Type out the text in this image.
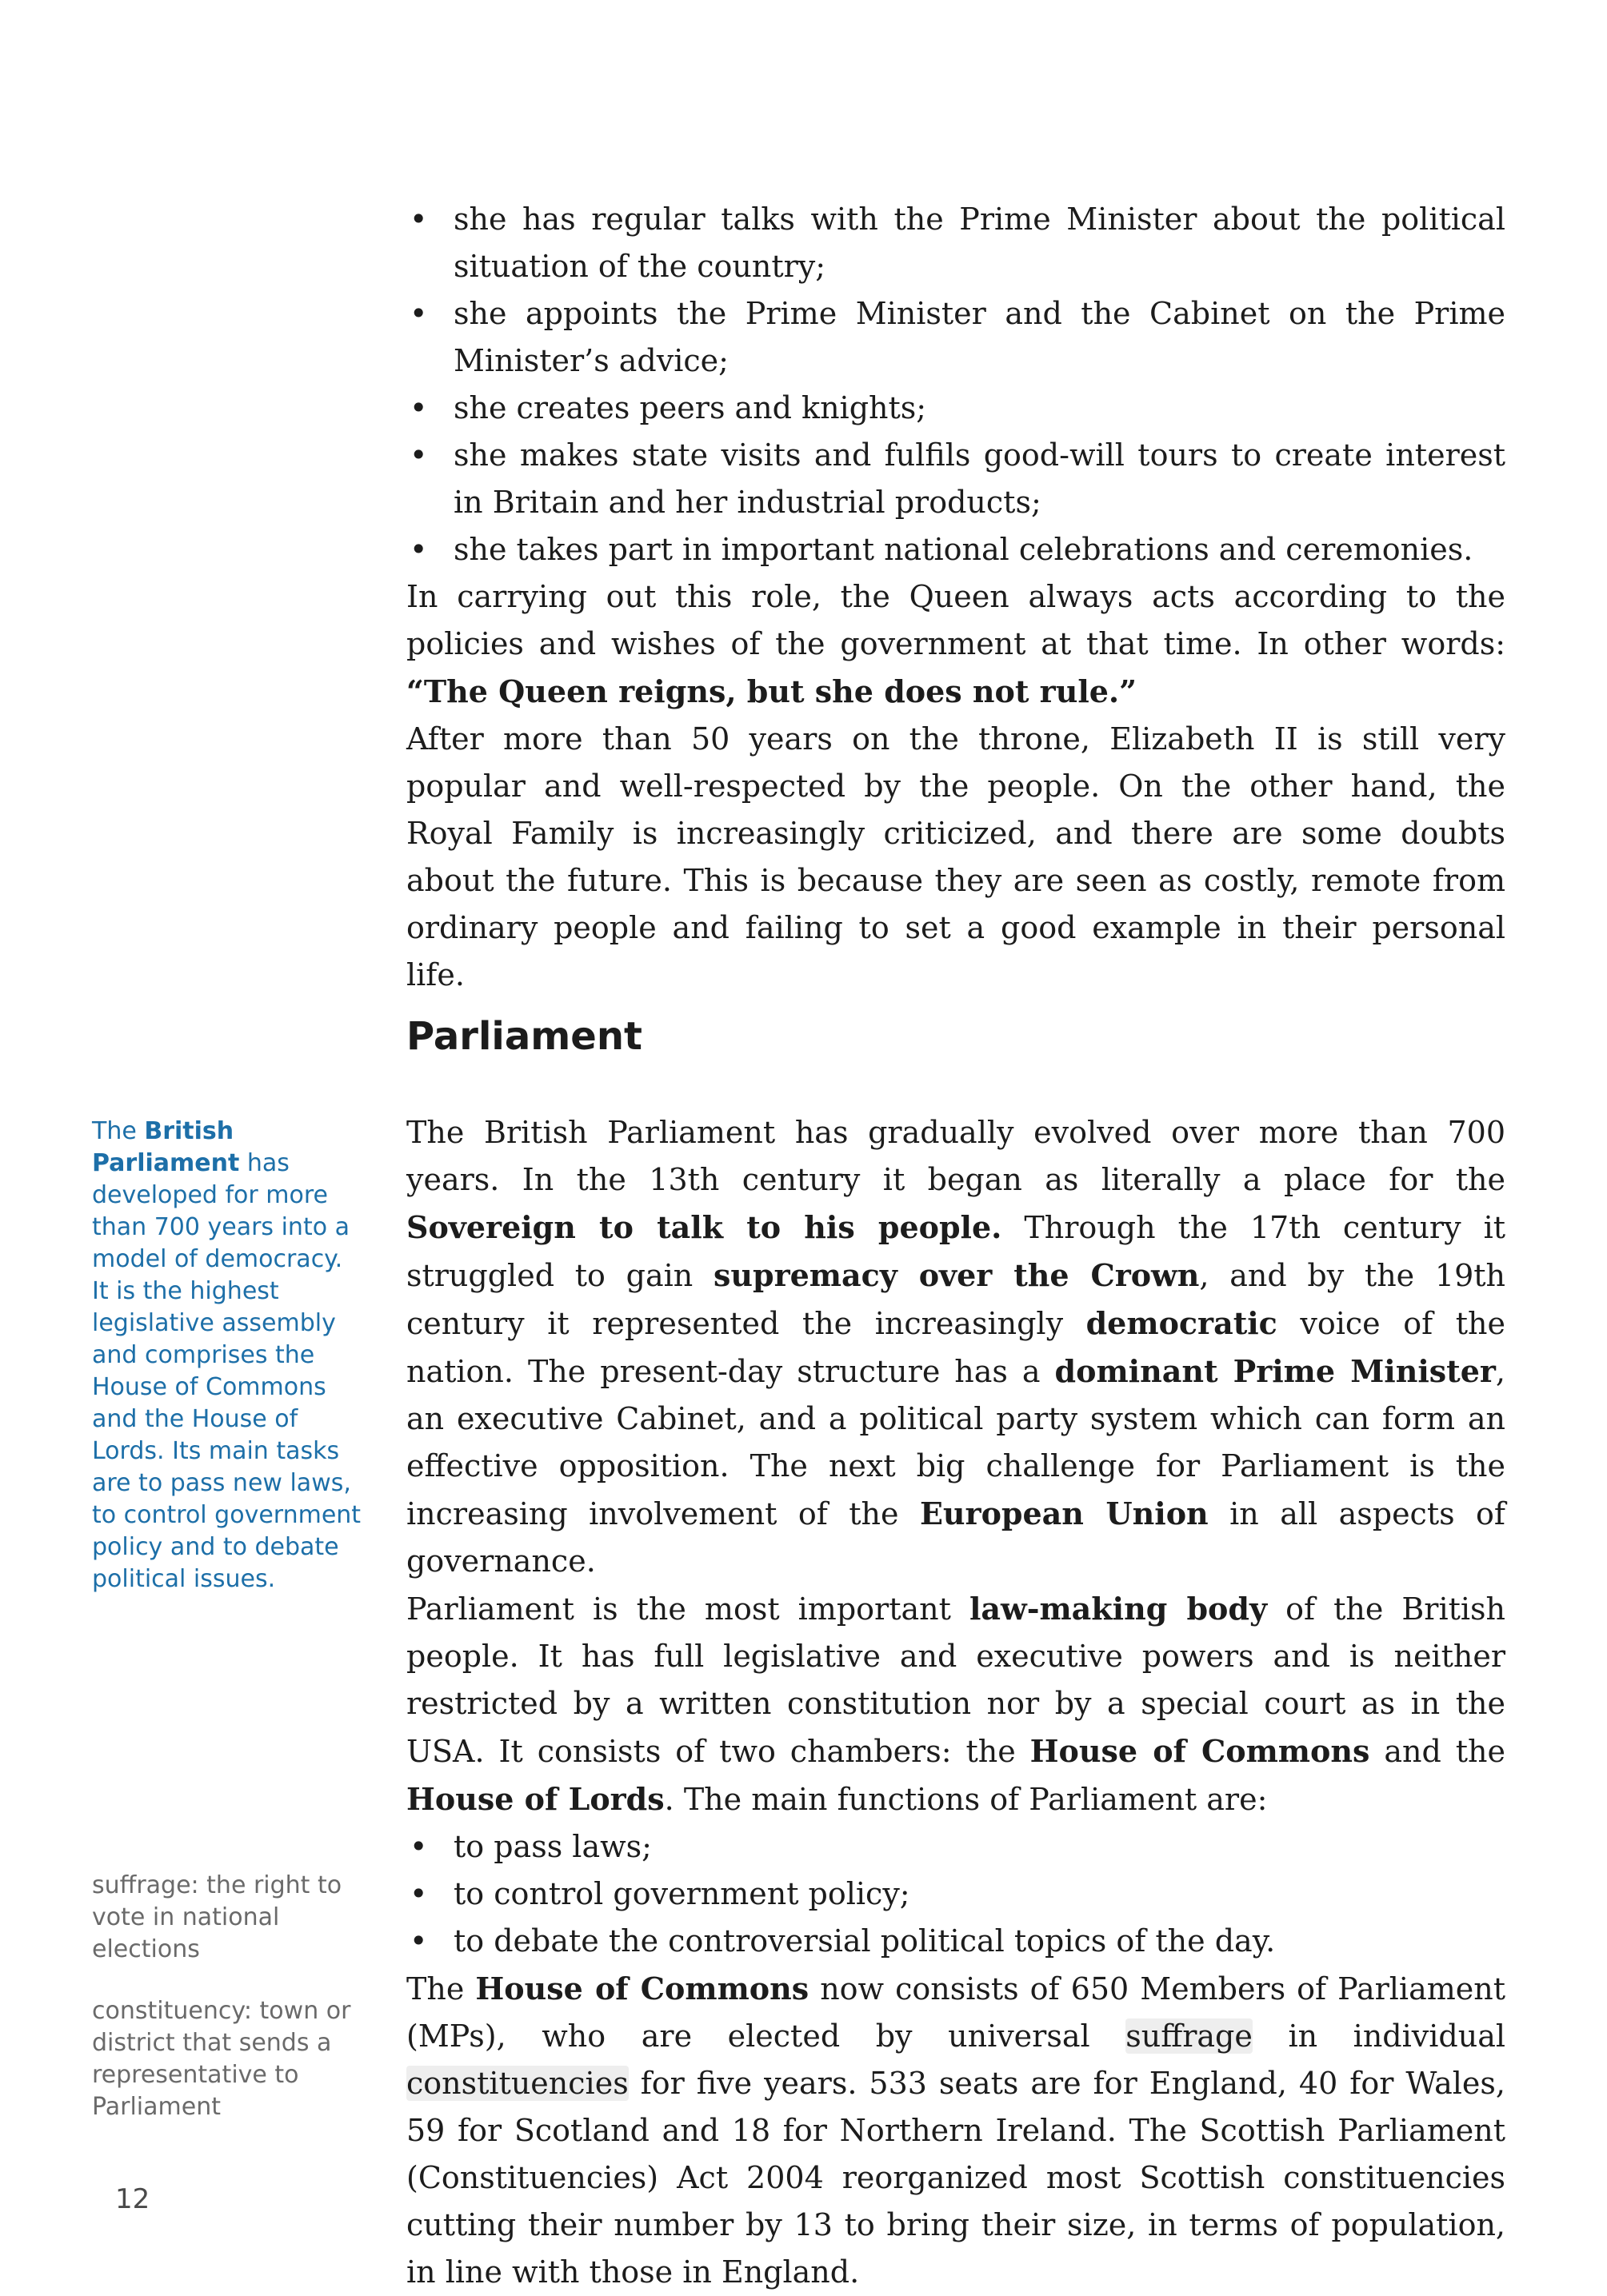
• she has regular talks with the Prime Minister about the political situation of the country;
• she appoints the Prime Minister and the Cabinet on the Prime Minister’s advice;
• she creates peers and knights;
• she makes state visits and fulfils good-will tours to create interest in Britain and her industrial products;
• she takes part in important national celebrations and ceremonies.

In carrying out this role, the Queen always acts according to the policies and wishes of the government at that time. In other words: “The Queen reigns, but she does not rule.”

After more than 50 years on the throne, Elizabeth II is still very popular and well-respected by the people. On the other hand, the Royal Family is increasingly criticized, and there are some doubts about the future. This is because they are seen as costly, remote from ordinary people and failing to set a good example in their personal life.

Parliament

The British Parliament has developed for more than 700 years into a model of democracy. It is the highest legislative assembly and comprises the House of Commons and the House of Lords. Its main tasks are to pass new laws, to control government policy and to debate political issues.

The British Parliament has gradually evolved over more than 700 years. In the 13th century it began as literally a place for the Sovereign to talk to his people. Through the 17th century it struggled to gain supremacy over the Crown, and by the 19th century it represented the increasingly democratic voice of the nation. The present-day structure has a dominant Prime Minister, an executive Cabinet, and a political party system which can form an effective opposition. The next big challenge for Parliament is the increasing involvement of the European Union in all aspects of governance.

Parliament is the most important law-making body of the British people. It has full legislative and executive powers and is neither restricted by a written constitution nor by a special court as in the USA. It consists of two chambers: the House of Commons and the House of Lords. The main functions of Parliament are:

• to pass laws;
• to control government policy;
• to debate the controversial political topics of the day.

The House of Commons now consists of 650 Members of Parliament (MPs), who are elected by universal suffrage in individual constituencies for five years. 533 seats are for England, 40 for Wales, 59 for Scotland and 18 for Northern Ireland. The Scottish Parliament (Constituencies) Act 2004 reorganized most Scottish constituencies cutting their number by 13 to bring their size, in terms of population, in line with those in England.

suffrage: the right to vote in national elections

constituency: town or district that sends a representative to Parliament

12
